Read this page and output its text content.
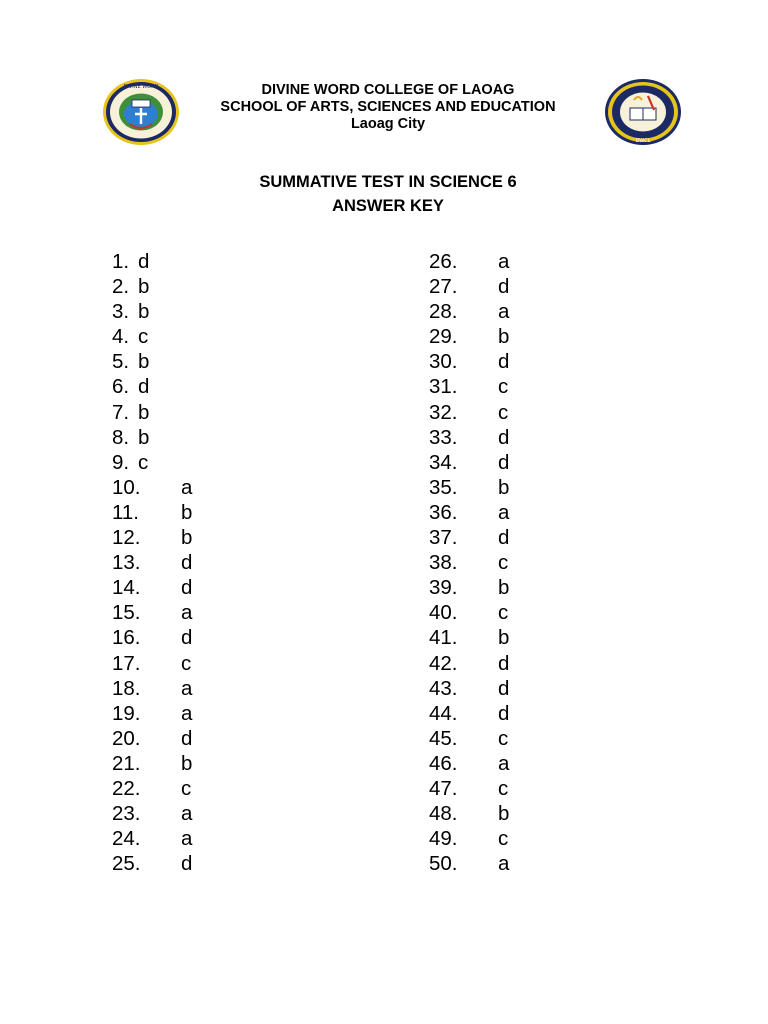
DIVINE WORD	DIVINE WORD COLLEGE OF LAOAG
SCHOOL OF ARTS, SCIENCES AND EDUCATION
Laoag City
DWCL
SUMMATIVE TEST IN SCIENCE 6
ANSWER KEY
1. d
2. b
3. b
4. c
5. b
6. d
7. b
8. b
9. c
10. a
11. b
12. b
13. d
14. d
15. a
16. d
17. c
18. a
19. a
20. d
21. b
22. c
23. a
24. a
25. d
26. a
27. d
28. a
29. b
30. d
31. c
32. c
33. d
34. d
35. b
36. a
37. d
38. c
39. b
40. c
41. b
42. d
43. d
44. d
45. c
46. a
47. c
48. b
49. c
50. a
